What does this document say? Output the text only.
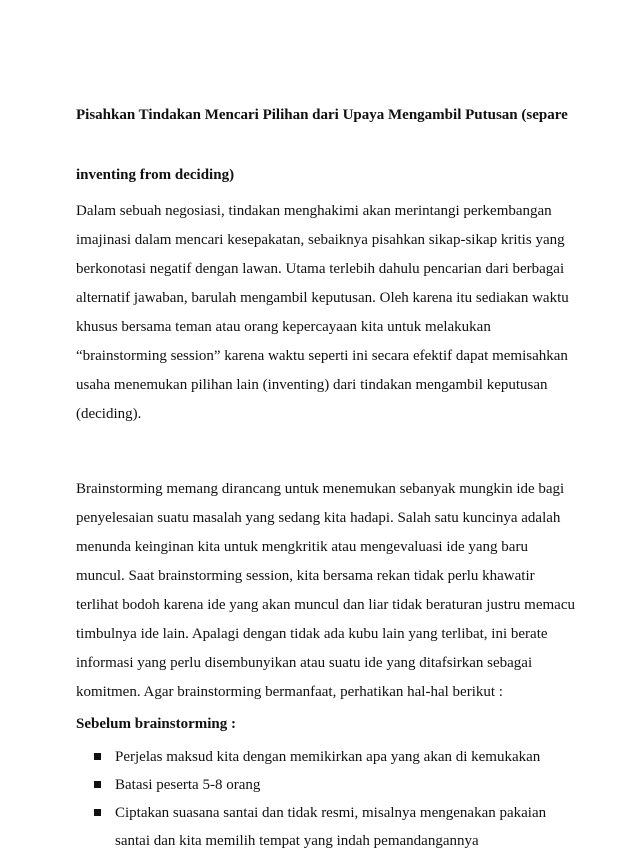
Pisahkan Tindakan Mencari Pilihan dari Upaya Mengambil Putusan (separe

inventing from deciding)

Dalam sebuah negosiasi, tindakan menghakimi akan merintangi perkembangan
imajinasi dalam mencari kesepakatan, sebaiknya pisahkan sikap-sikap kritis yang
berkonotasi negatif dengan lawan. Utama terlebih dahulu pencarian dari berbagai
alternatif jawaban, barulah mengambil keputusan. Oleh karena itu sediakan waktu
khusus bersama teman atau orang kepercayaan kita untuk melakukan
“brainstorming session” karena waktu seperti ini secara efektif dapat memisahkan
usaha menemukan pilihan lain (inventing) dari tindakan mengambil keputusan
(deciding).

Brainstorming memang dirancang untuk menemukan sebanyak mungkin ide bagi
penyelesaian suatu masalah yang sedang kita hadapi. Salah satu kuncinya adalah
menunda keinginan kita untuk mengkritik atau mengevaluasi ide yang baru
muncul. Saat brainstorming session, kita bersama rekan tidak perlu khawatir
terlihat bodoh karena ide yang akan muncul dan liar tidak beraturan justru memacu
timbulnya ide lain. Apalagi dengan tidak ada kubu lain yang terlibat, ini berate
informasi yang perlu disembunyikan atau suatu ide yang ditafsirkan sebagai
komitmen. Agar brainstorming bermanfaat, perhatikan hal-hal berikut :

Sebelum brainstorming :
Perjelas maksud kita dengan memikirkan apa yang akan di kemukakan
Batasi peserta 5-8 orang
Ciptakan suasana santai dan tidak resmi, misalnya mengenakan pakaian
santai dan kita memilih tempat yang indah pemandangannya
